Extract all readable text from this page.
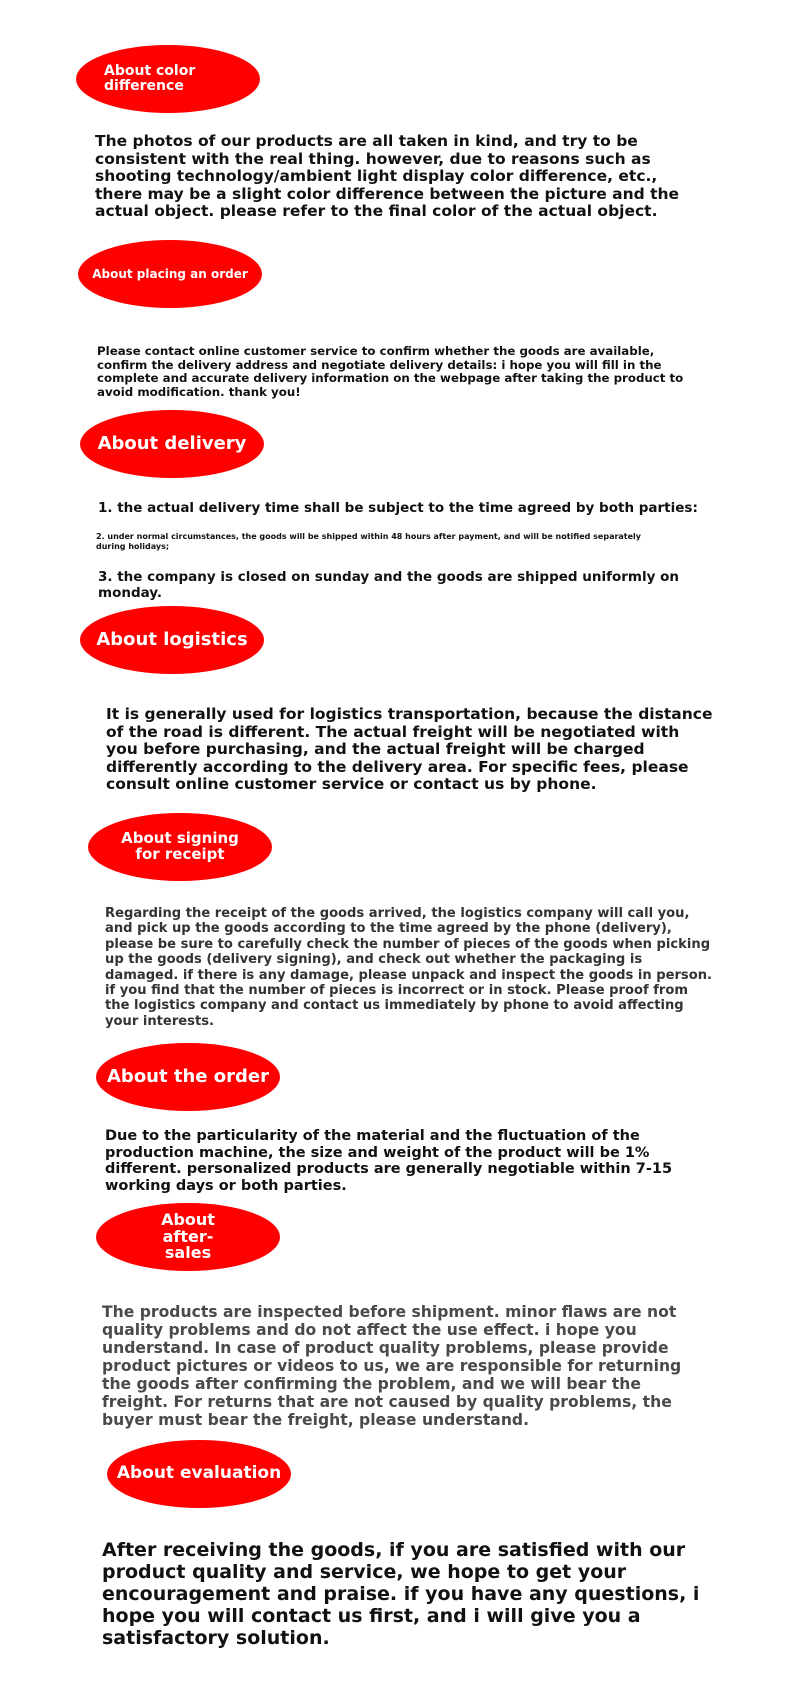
About color difference

The photos of our products are all taken in kind, and try to be consistent with the real thing. however, due to reasons such as shooting technology/ambient light display color difference, etc., there may be a slight color difference between the picture and the actual object. please refer to the final color of the actual object.

About placing an order

Please contact online customer service to confirm whether the goods are available, confirm the delivery address and negotiate delivery details: i hope you will fill in the complete and accurate delivery information on the webpage after taking the product to avoid modification. thank you!

About delivery

1. the actual delivery time shall be subject to the time agreed by both parties:

2. under normal circumstances, the goods will be shipped within 48 hours after payment, and will be notified separately during holidays;

3. the company is closed on sunday and the goods are shipped uniformly on monday.

About logistics

It is generally used for logistics transportation, because the distance of the road is different. The actual freight will be negotiated with you before purchasing, and the actual freight will be charged differently according to the delivery area. For specific fees, please consult online customer service or contact us by phone.

About signing for receipt

Regarding the receipt of the goods arrived, the logistics company will call you, and pick up the goods according to the time agreed by the phone (delivery), please be sure to carefully check the number of pieces of the goods when picking up the goods (delivery signing), and check out whether the packaging is damaged. if there is any damage, please unpack and inspect the goods in person. if you find that the number of pieces is incorrect or in stock. Please proof from the logistics company and contact us immediately by phone to avoid affecting your interests.

About the order

Due to the particularity of the material and the fluctuation of the production machine, the size and weight of the product will be 1% different. personalized products are generally negotiable within 7-15 working days or both parties.

About after-sales

The products are inspected before shipment. minor flaws are not quality problems and do not affect the use effect. i hope you understand. In case of product quality problems, please provide product pictures or videos to us, we are responsible for returning the goods after confirming the problem, and we will bear the freight. For returns that are not caused by quality problems, the buyer must bear the freight, please understand.

About evaluation

After receiving the goods, if you are satisfied with our product quality and service, we hope to get your encouragement and praise. if you have any questions, i hope you will contact us first, and i will give you a satisfactory solution.
